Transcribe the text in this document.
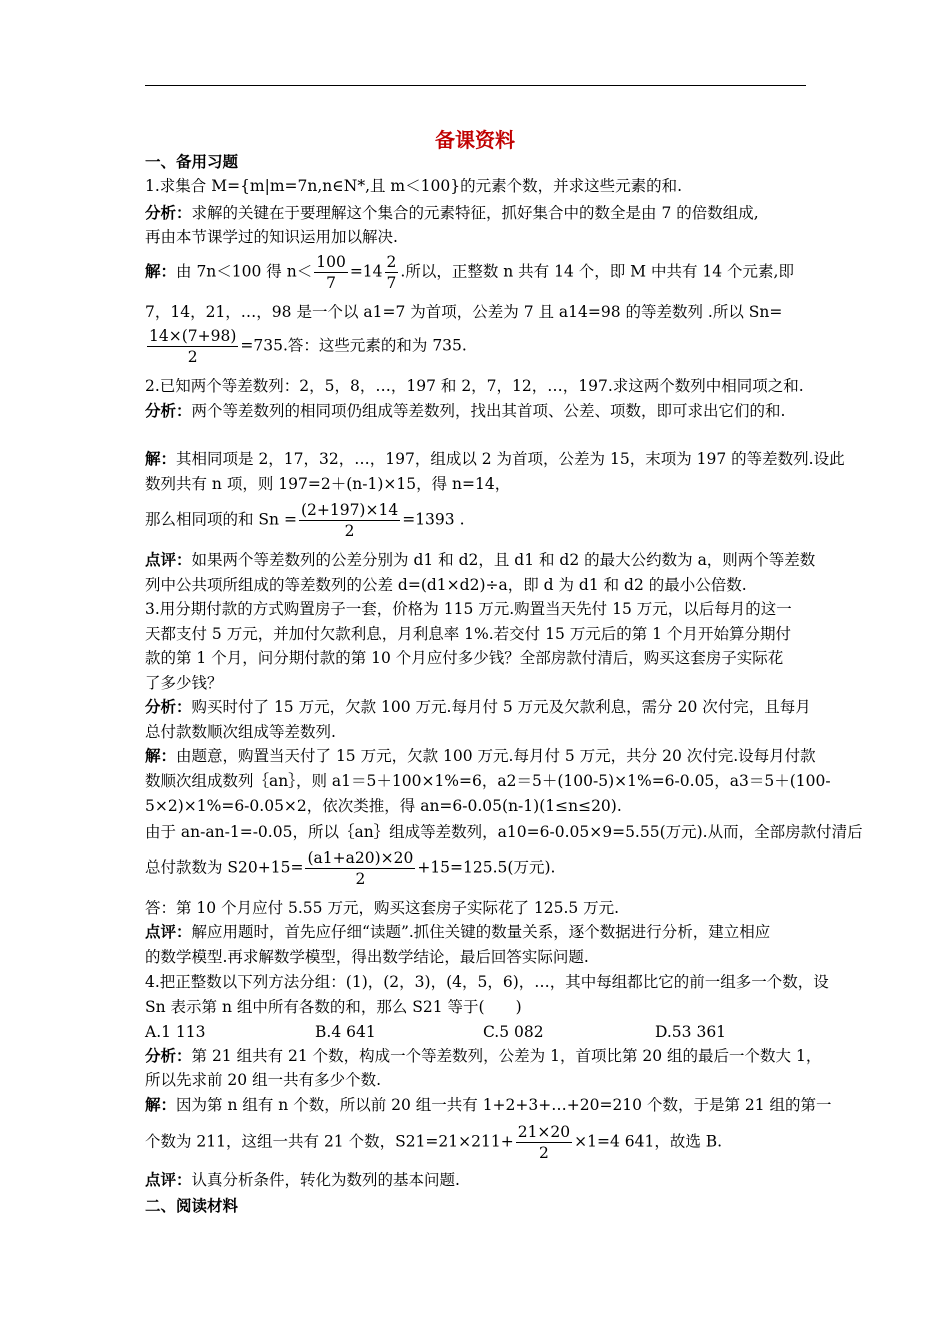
备课资料
一、备用习题
1.求集合 M={m|m=7n,n∈N*,且 m＜100}的元素个数，并求这些元素的和.
分析：求解的关键在于要理解这个集合的元素特征，抓好集合中的数全是由 7 的倍数组成,
再由本节课学过的知识运用加以解决.
解：由 7n＜100 得 $n< \frac{100}{7} =14 \frac{2}{7}$ .所以，正整数 n 共有 14 个，即 M 中共有 14 个元素,即
7，14，21，…，98 是一个以 a1=7 为首项，公差为 7 且 a14=98 的等差数列 .所以 Sn=
$\frac{14\times(7+98)}{2} =735$.答：这些元素的和为 735.
2.已知两个等差数列：2，5，8，…，197 和 2，7，12，…，197.求这两个数列中相同项之和.
分析：两个等差数列的相同项仍组成等差数列，找出其首项、公差、项数，即可求出它们的和.
解：其相同项是 2，17，32，…，197，组成以 2 为首项，公差为 15，末项为 197 的等差数列.设此
数列共有 n 项，则 197=2＋(n-1)×15，得 n=14，
那么相同项的和 $Sn = \frac{(2+197)\times 14}{2} =1393$ .
点评：如果两个等差数列的公差分别为 d1 和 d2，且 d1 和 d2 的最大公约数为 a，则两个等差数
列中公共项所组成的等差数列的公差 d=(d1×d2)÷a，即 d 为 d1 和 d2 的最小公倍数.
3.用分期付款的方式购置房子一套，价格为 115 万元.购置当天先付 15 万元，以后每月的这一
天都支付 5 万元，并加付欠款利息，月利息率 1%.若交付 15 万元后的第 1 个月开始算分期付
款的第 1 个月，问分期付款的第 10 个月应付多少钱？全部房款付清后，购买这套房子实际花
了多少钱？
分析：购买时付了 15 万元，欠款 100 万元.每月付 5 万元及欠款利息，需分 20 次付完，且每月
总付款数顺次组成等差数列.
解：由题意，购置当天付了 15 万元，欠款 100 万元.每月付 5 万元，共分 20 次付完.设每月付款
数顺次组成数列｛an｝，则 a1＝5＋100×1%=6，a2＝5＋(100-5)×1%=6-0.05，a3＝5＋(100-
5×2)×1%=6-0.05×2，依次类推，得 an=6-0.05(n-1)(1≤n≤20).
由于 an-an-1=-0.05，所以｛an｝组成等差数列，a10=6-0.05×9=5.55(万元).从而，全部房款付清后
总付款数为 $S20+15= \frac{(a1+a20)\times 20}{2} +15=125.5$(万元).
答：第 10 个月应付 5.55 万元，购买这套房子实际花了 125.5 万元.
点评：解应用题时，首先应仔细“读题”.抓住关键的数量关系，逐个数据进行分析，建立相应
的数学模型.再求解数学模型，得出数学结论，最后回答实际问题.
4.把正整数以下列方法分组：(1)，(2，3)，(4，5，6)，…，其中每组都比它的前一组多一个数，设
Sn 表示第 n 组中所有各数的和，那么 S21 等于(　　)
A.1 113	B.4 641	C.5 082	D.53 361
分析：第 21 组共有 21 个数，构成一个等差数列，公差为 1，首项比第 20 组的最后一个数大 1，
所以先求前 20 组一共有多少个数.
解：因为第 n 组有 n 个数，所以前 20 组一共有 1+2+3+…+20=210 个数，于是第 21 组的第一
个数为 211，这组一共有 21 个数，$S21=21\times 211+ \frac{21\times 20}{2} \times 1=4$ 641，故选 B.
点评：认真分析条件，转化为数列的基本问题.
二、阅读材料
